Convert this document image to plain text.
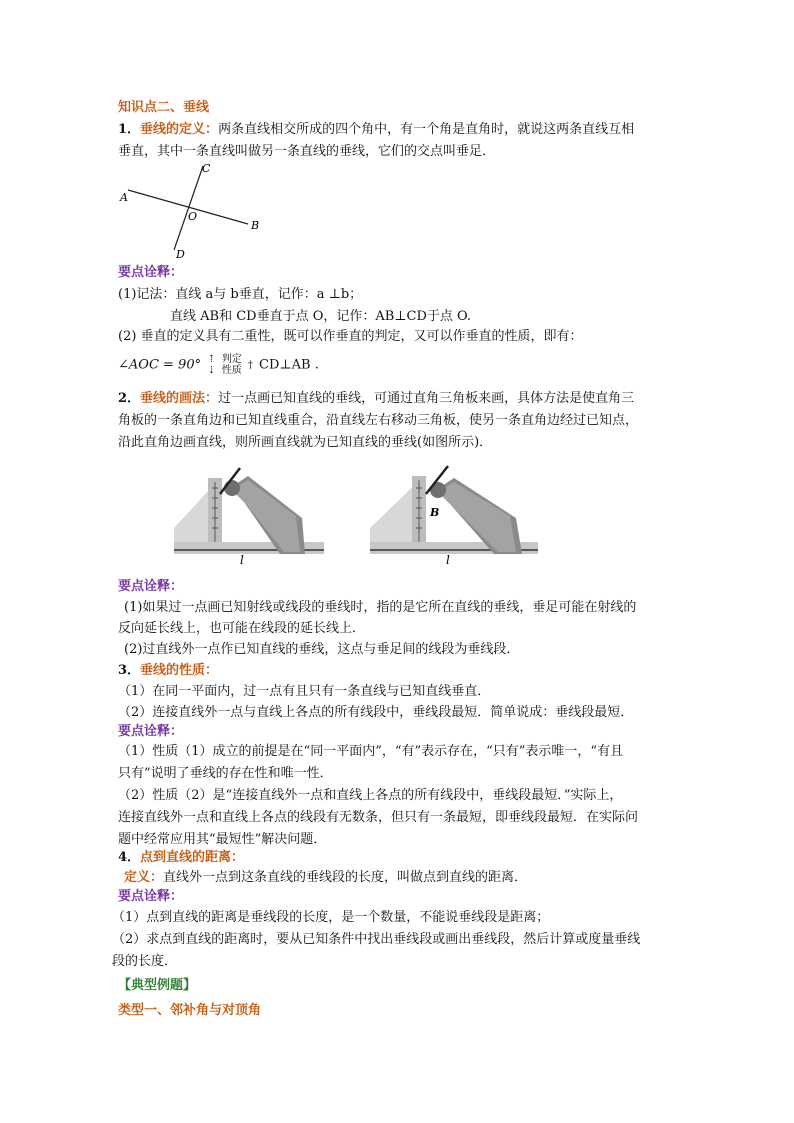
知识点二、垂线
1．垂线的定义：两条直线相交所成的四个角中，有一个角是直角时，就说这两条直线互相
垂直，其中一条直线叫做另一条直线的垂线，它们的交点叫垂足．
A
B
C
D
O
要点诠释：
(1)记法：直线 a与 b垂直，记作：a ⊥b；
直线 AB和 CD垂直于点 O，记作：AB⊥CD于点 O.
(2) 垂直的定义具有二重性，既可以作垂直的判定，又可以作垂直的性质，即有：
∠AOC = 90° ⇡
⇣ 判定
性质 † CD⊥AB .
2．垂线的画法：过一点画已知直线的垂线，可通过直角三角板来画，具体方法是使直角三
角板的一条直角边和已知直线重合，沿直线左右移动三角板，使另一条直角边经过已知点，
沿此直角边画直线，则所画直线就为已知直线的垂线(如图所示)．
l
B
l
要点诠释：
(1)如果过一点画已知射线或线段的垂线时，指的是它所在直线的垂线，垂足可能在射线的
反向延长线上，也可能在线段的延长线上．
(2)过直线外一点作已知直线的垂线，这点与垂足间的线段为垂线段．
3．垂线的性质：
（1）在同一平面内，过一点有且只有一条直线与已知直线垂直．
（2）连接直线外一点与直线上各点的所有线段中，垂线段最短．简单说成：垂线段最短．
要点诠释：
（1）性质（1）成立的前提是在“同一平面内”，“有”表示存在，“只有”表示唯一，“有且
只有”说明了垂线的存在性和唯一性．
（2）性质（2）是“连接直线外一点和直线上各点的所有线段中，垂线段最短．”实际上，
连接直线外一点和直线上各点的线段有无数条，但只有一条最短，即垂线段最短．在实际问
题中经常应用其“最短性”解决问题．
4．点到直线的距离：
定义：直线外一点到这条直线的垂线段的长度，叫做点到直线的距离．
要点诠释：
（1）点到直线的距离是垂线段的长度，是一个数量，不能说垂线段是距离；
（2）求点到直线的距离时，要从已知条件中找出垂线段或画出垂线段，然后计算或度量垂线
段的长度．
【典型例题】
类型一、邻补角与对顶角
